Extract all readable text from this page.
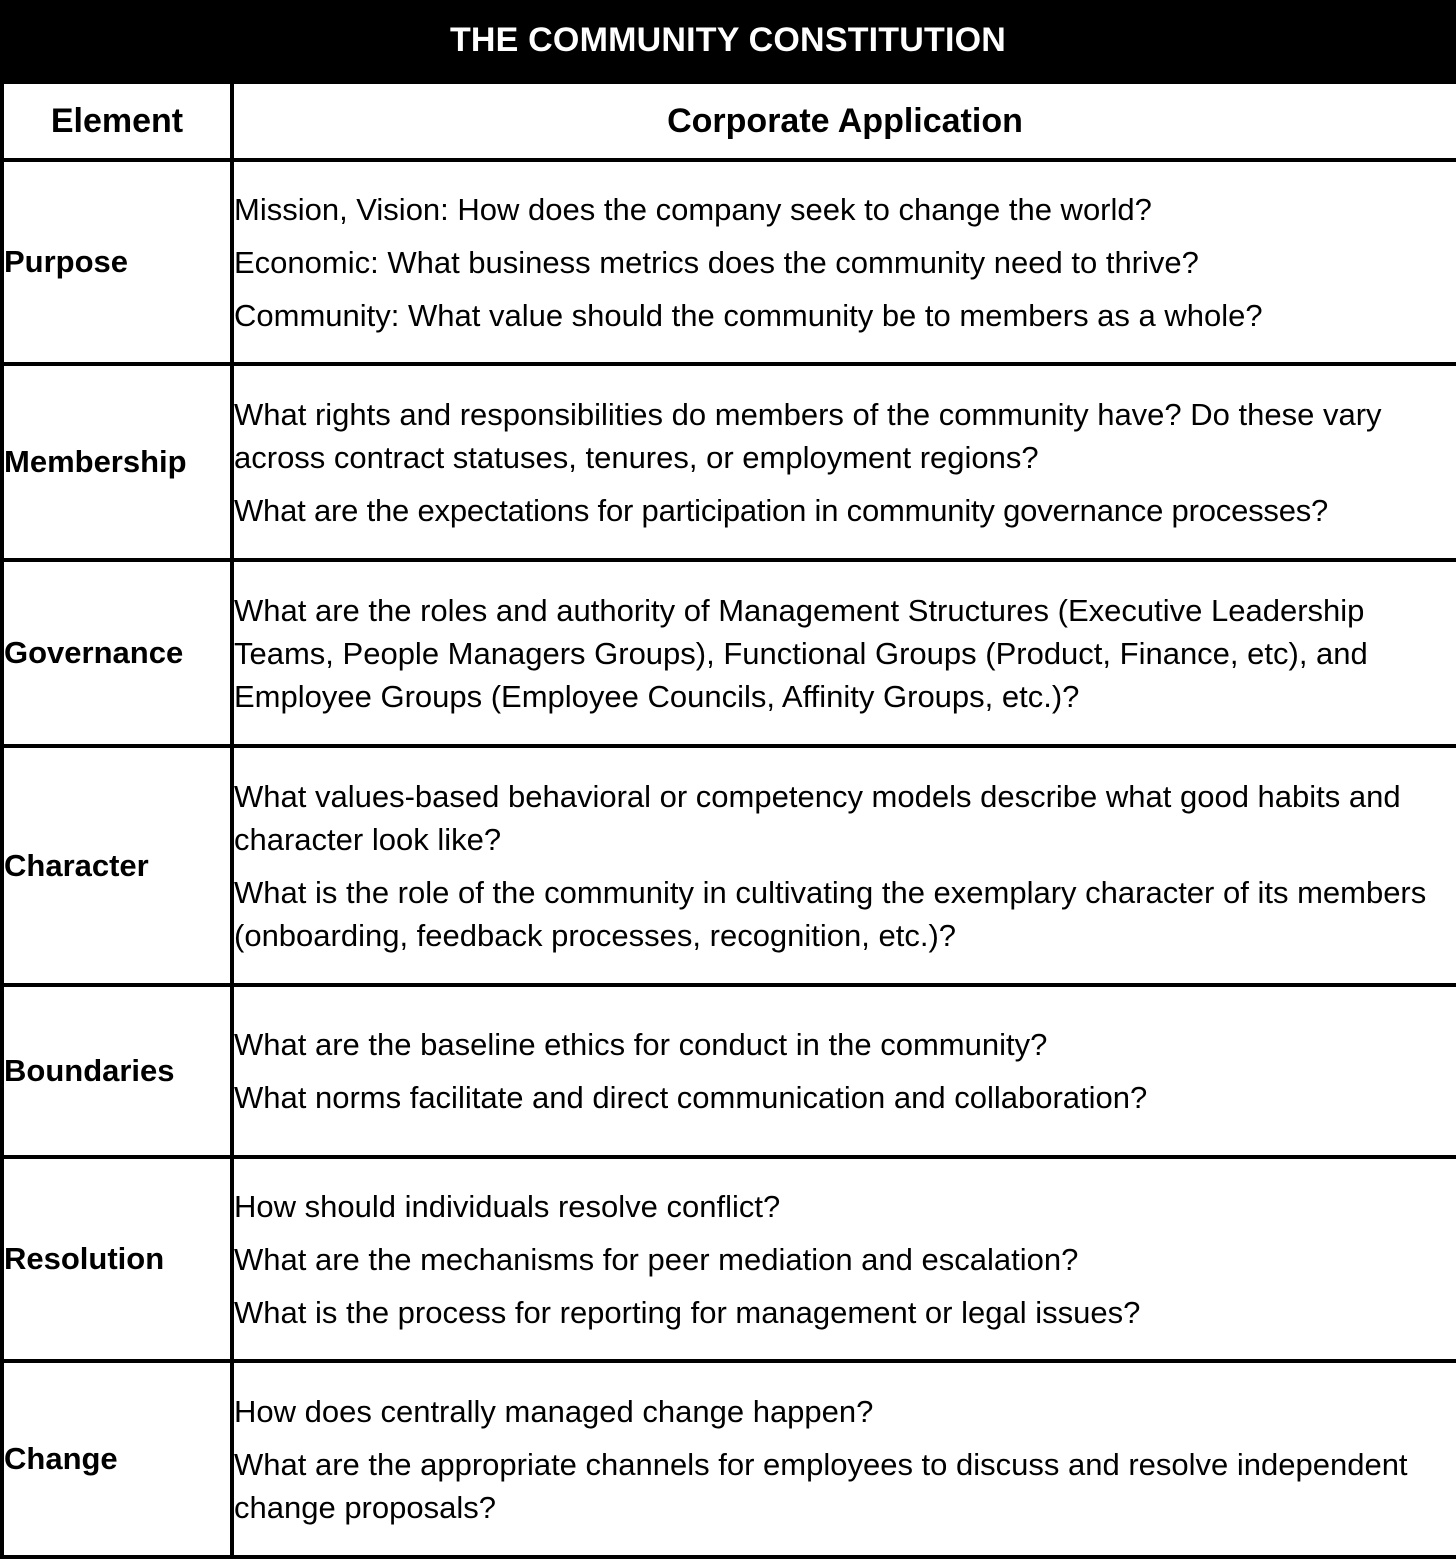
THE COMMUNITY CONSTITUTION
Element	Corporate Application
Purpose	Mission, Vision: How does the company seek to change the world?

Economic: What business metrics does the community need to thrive?

Community: What value should the community be to members as a whole?

Membership	What rights and responsibilities do members of the community have? Do these vary across contract statuses, tenures, or employment regions?

What are the expectations for participation in community governance processes?

Governance	What are the roles and authority of Management Structures (Executive Leadership Teams, People Managers Groups), Functional Groups (Product, Finance, etc), and Employee Groups (Employee Councils, Affinity Groups, etc.)?

Character	What values-based behavioral or competency models describe what good habits and character look like?

What is the role of the community in cultivating the exemplary character of its members (onboarding, feedback processes, recognition, etc.)?

Boundaries	What are the baseline ethics for conduct in the community?

What norms facilitate and direct communication and collaboration?

Resolution	How should individuals resolve conflict?

What are the mechanisms for peer mediation and escalation?

What is the process for reporting for management or legal issues?

Change	How does centrally managed change happen?

What are the appropriate channels for employees to discuss and resolve independent change proposals?
